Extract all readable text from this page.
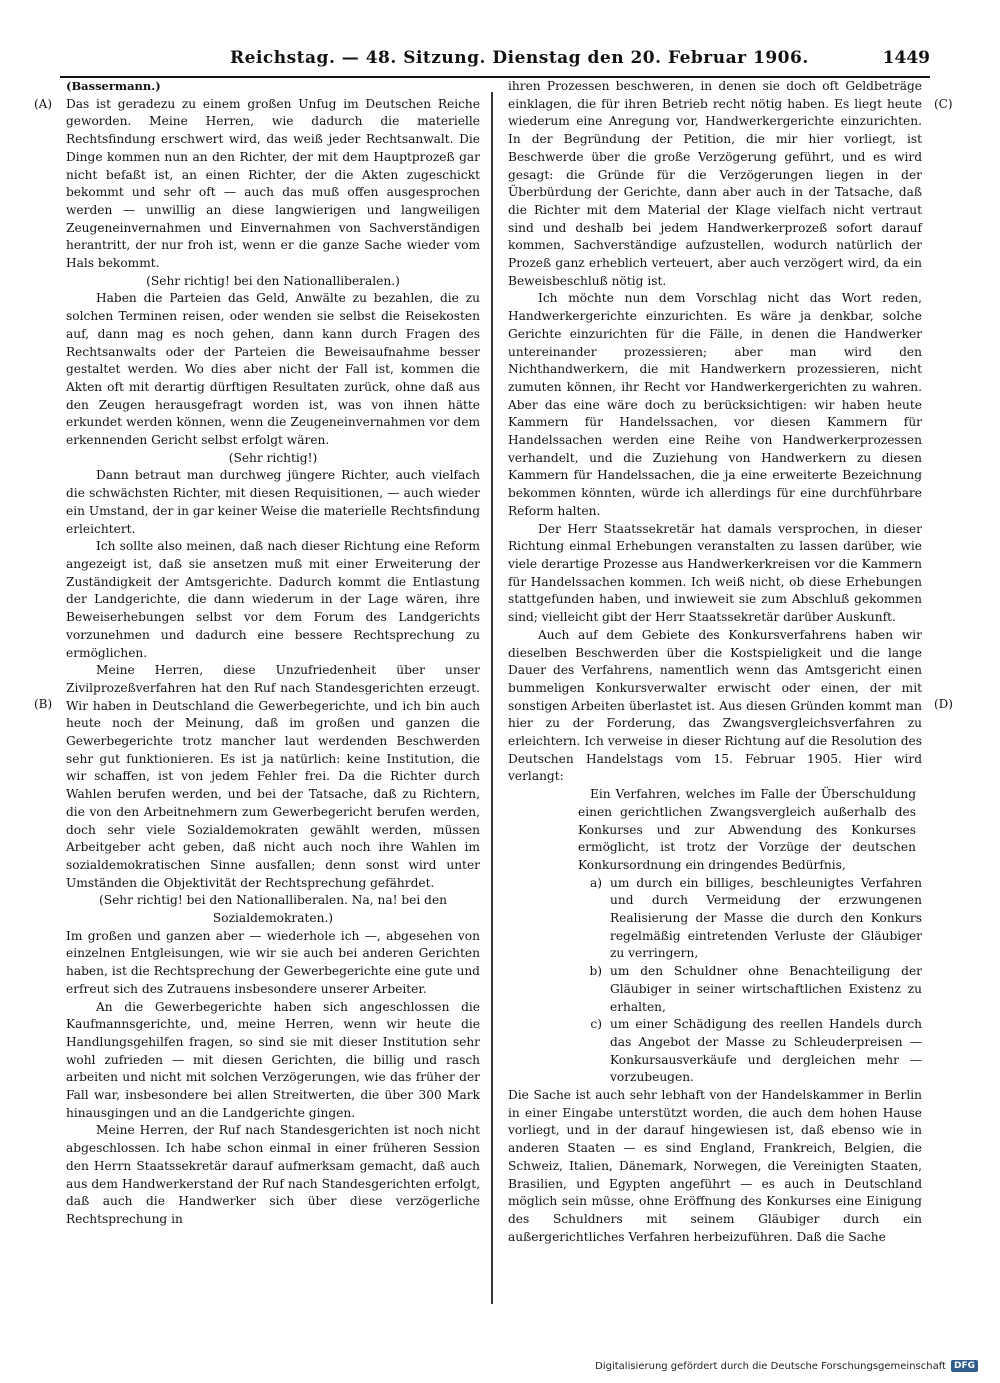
Reichstag. — 48. Sitzung. Dienstag den 20. Februar 1906.	1449
(A)
(B)
(C)
(D)

(Bassermann.)

Das ist geradezu zu einem großen Unfug im Deutschen Reiche geworden. Meine Herren, wie dadurch die materielle Rechtsfindung erschwert wird, das weiß jeder Rechtsanwalt. Die Dinge kommen nun an den Richter, der mit dem Hauptprozeß gar nicht befaßt ist, an einen Richter, der die Akten zugeschickt bekommt und sehr oft — auch das muß offen ausgesprochen werden — unwillig an diese langwierigen und langweiligen Zeugeneinvernahmen und Einvernahmen von Sachverständigen herantritt, der nur froh ist, wenn er die ganze Sache wieder vom Hals bekommt.

(Sehr richtig! bei den Nationalliberalen.)

Haben die Parteien das Geld, Anwälte zu bezahlen, die zu solchen Terminen reisen, oder wenden sie selbst die Reisekosten auf, dann mag es noch gehen, dann kann durch Fragen des Rechtsanwalts oder der Parteien die Beweisaufnahme besser gestaltet werden. Wo dies aber nicht der Fall ist, kommen die Akten oft mit derartig dürftigen Resultaten zurück, ohne daß aus den Zeugen herausgefragt worden ist, was von ihnen hätte erkundet werden können, wenn die Zeugeneinvernahmen vor dem erkennenden Gericht selbst erfolgt wären.

(Sehr richtig!)

Dann betraut man durchweg jüngere Richter, auch vielfach die schwächsten Richter, mit diesen Requisitionen, — auch wieder ein Umstand, der in gar keiner Weise die materielle Rechtsfindung erleichtert.

Ich sollte also meinen, daß nach dieser Richtung eine Reform angezeigt ist, daß sie ansetzen muß mit einer Erweiterung der Zuständigkeit der Amtsgerichte. Dadurch kommt die Entlastung der Landgerichte, die dann wiederum in der Lage wären, ihre Beweiserhebungen selbst vor dem Forum des Landgerichts vorzunehmen und dadurch eine bessere Rechtsprechung zu ermöglichen.

Meine Herren, diese Unzufriedenheit über unser Zivilprozeßverfahren hat den Ruf nach Standesgerichten erzeugt. Wir haben in Deutschland die Gewerbegerichte, und ich bin auch heute noch der Meinung, daß im großen und ganzen die Gewerbegerichte trotz mancher laut werdenden Beschwerden sehr gut funktionieren. Es ist ja natürlich: keine Institution, die wir schaffen, ist von jedem Fehler frei. Da die Richter durch Wahlen berufen werden, und bei der Tatsache, daß zu Richtern, die von den Arbeitnehmern zum Gewerbegericht berufen werden, doch sehr viele Sozialdemokraten gewählt werden, müssen Arbeitgeber acht geben, daß nicht auch noch ihre Wahlen im sozialdemokratischen Sinne ausfallen; denn sonst wird unter Umständen die Objektivität der Rechtsprechung gefährdet.

(Sehr richtig! bei den Nationalliberalen. Na, na! bei den Sozialdemokraten.)

Im großen und ganzen aber — wiederhole ich —, abgesehen von einzelnen Entgleisungen, wie wir sie auch bei anderen Gerichten haben, ist die Rechtsprechung der Gewerbegerichte eine gute und erfreut sich des Zutrauens insbesondere unserer Arbeiter.

An die Gewerbegerichte haben sich angeschlossen die Kaufmannsgerichte, und, meine Herren, wenn wir heute die Handlungsgehilfen fragen, so sind sie mit dieser Institution sehr wohl zufrieden — mit diesen Gerichten, die billig und rasch arbeiten und nicht mit solchen Verzögerungen, wie das früher der Fall war, insbesondere bei allen Streitwerten, die über 300 Mark hinausgingen und an die Landgerichte gingen.

Meine Herren, der Ruf nach Standesgerichten ist noch nicht abgeschlossen. Ich habe schon einmal in einer früheren Session den Herrn Staatssekretär darauf aufmerksam gemacht, daß auch aus dem Handwerkerstand der Ruf nach Standesgerichten erfolgt, daß auch die Handwerker sich über diese verzögerliche Rechtsprechung in

ihren Prozessen beschweren, in denen sie doch oft Geldbeträge einklagen, die für ihren Betrieb recht nötig haben. Es liegt heute wiederum eine Anregung vor, Handwerkergerichte einzurichten. In der Begründung der Petition, die mir hier vorliegt, ist Beschwerde über die große Verzögerung geführt, und es wird gesagt: die Gründe für die Verzögerungen liegen in der Überbürdung der Gerichte, dann aber auch in der Tatsache, daß die Richter mit dem Material der Klage vielfach nicht vertraut sind und deshalb bei jedem Handwerkerprozeß sofort darauf kommen, Sachverständige aufzustellen, wodurch natürlich der Prozeß ganz erheblich verteuert, aber auch verzögert wird, da ein Beweisbeschluß nötig ist.

Ich möchte nun dem Vorschlag nicht das Wort reden, Handwerkergerichte einzurichten. Es wäre ja denkbar, solche Gerichte einzurichten für die Fälle, in denen die Handwerker untereinander prozessieren; aber man wird den Nichthandwerkern, die mit Handwerkern prozessieren, nicht zumuten können, ihr Recht vor Handwerkergerichten zu wahren. Aber das eine wäre doch zu berücksichtigen: wir haben heute Kammern für Handelssachen, vor diesen Kammern für Handelssachen werden eine Reihe von Handwerkerprozessen verhandelt, und die Zuziehung von Handwerkern zu diesen Kammern für Handelssachen, die ja eine erweiterte Bezeichnung bekommen könnten, würde ich allerdings für eine durchführbare Reform halten.

Der Herr Staatssekretär hat damals versprochen, in dieser Richtung einmal Erhebungen veranstalten zu lassen darüber, wie viele derartige Prozesse aus Handwerkerkreisen vor die Kammern für Handelssachen kommen. Ich weiß nicht, ob diese Erhebungen stattgefunden haben, und inwieweit sie zum Abschluß gekommen sind; vielleicht gibt der Herr Staatssekretär darüber Auskunft.

Auch auf dem Gebiete des Konkursverfahrens haben wir dieselben Beschwerden über die Kostspieligkeit und die lange Dauer des Verfahrens, namentlich wenn das Amtsgericht einen bummeligen Konkursverwalter erwischt oder einen, der mit sonstigen Arbeiten überlastet ist. Aus diesen Gründen kommt man hier zu der Forderung, das Zwangsvergleichsverfahren zu erleichtern. Ich verweise in dieser Richtung auf die Resolution des Deutschen Handelstags vom 15. Februar 1905. Hier wird verlangt:

Ein Verfahren, welches im Falle der Überschuldung einen gerichtlichen Zwangsvergleich außerhalb des Konkurses und zur Abwendung des Konkurses ermöglicht, ist trotz der Vorzüge der deutschen Konkursordnung ein dringendes Bedürfnis,

a) um durch ein billiges, beschleunigtes Verfahren und durch Vermeidung der erzwungenen Realisierung der Masse die durch den Konkurs regelmäßig eintretenden Verluste der Gläubiger zu verringern,
b) um den Schuldner ohne Benachteiligung der Gläubiger in seiner wirtschaftlichen Existenz zu erhalten,
c) um einer Schädigung des reellen Handels durch das Angebot der Masse zu Schleuderpreisen — Konkursausverkäufe und dergleichen mehr — vorzubeugen.

Die Sache ist auch sehr lebhaft von der Handelskammer in Berlin in einer Eingabe unterstützt worden, die auch dem hohen Hause vorliegt, und in der darauf hingewiesen ist, daß ebenso wie in anderen Staaten — es sind England, Frankreich, Belgien, die Schweiz, Italien, Dänemark, Norwegen, die Vereinigten Staaten, Brasilien, und Egypten angeführt — es auch in Deutschland möglich sein müsse, ohne Eröffnung des Konkurses eine Einigung des Schuldners mit seinem Gläubiger durch ein außergerichtliches Verfahren herbeizuführen. Daß die Sache

Digitalisierung gefördert durch die Deutsche Forschungsgemeinschaft DFG
